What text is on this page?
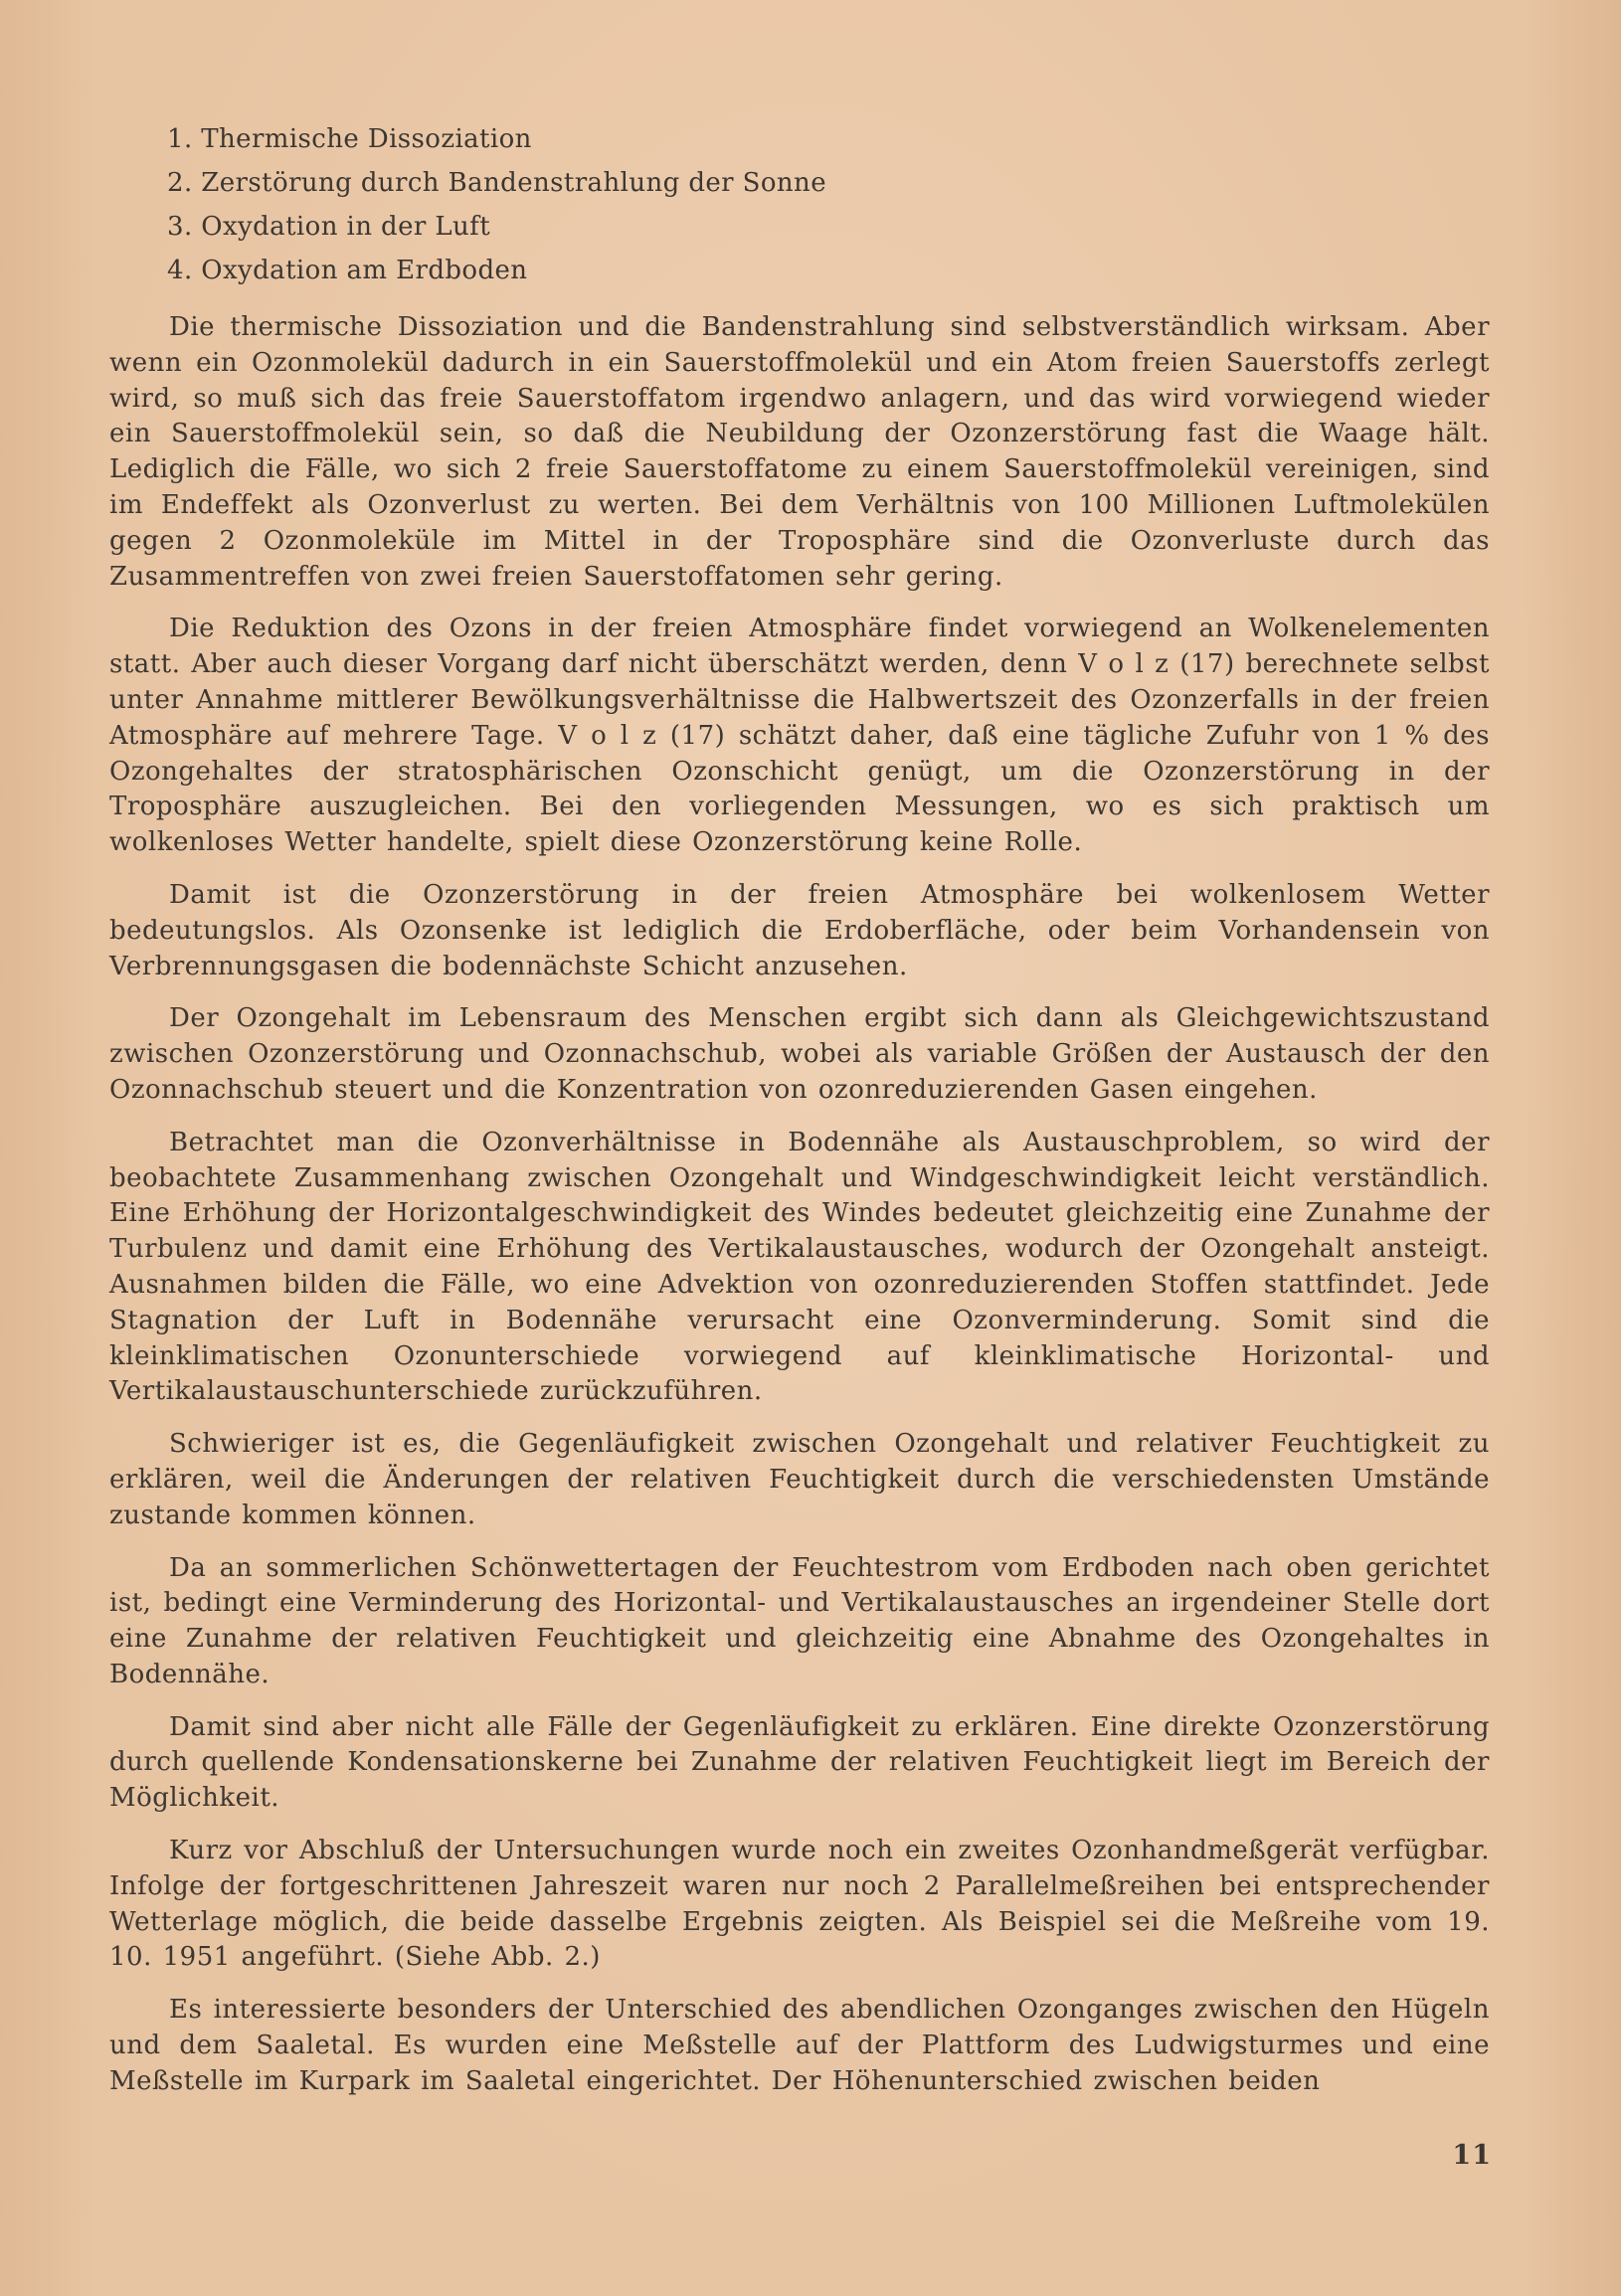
1. Thermische Dissoziation
2. Zerstörung durch Bandenstrahlung der Sonne
3. Oxydation in der Luft
4. Oxydation am Erdboden

Die thermische Dissoziation und die Bandenstrahlung sind selbstverständlich wirksam. Aber wenn ein Ozonmolekül dadurch in ein Sauerstoffmolekül und ein Atom freien Sauerstoffs zerlegt wird, so muß sich das freie Sauerstoffatom irgendwo anlagern, und das wird vorwiegend wieder ein Sauerstoffmolekül sein, so daß die Neubildung der Ozonzerstörung fast die Waage hält. Lediglich die Fälle, wo sich 2 freie Sauerstoffatome zu einem Sauerstoffmolekül vereinigen, sind im Endeffekt als Ozonverlust zu werten. Bei dem Verhältnis von 100 Millionen Luftmolekülen gegen 2 Ozonmoleküle im Mittel in der Troposphäre sind die Ozonverluste durch das Zusammentreffen von zwei freien Sauerstoffatomen sehr gering.

Die Reduktion des Ozons in der freien Atmosphäre findet vorwiegend an Wolkenelementen statt. Aber auch dieser Vorgang darf nicht überschätzt werden, denn V o l z (17) berechnete selbst unter Annahme mittlerer Bewölkungsverhältnisse die Halbwertszeit des Ozonzerfalls in der freien Atmosphäre auf mehrere Tage. V o l z (17) schätzt daher, daß eine tägliche Zufuhr von 1 % des Ozongehaltes der stratosphärischen Ozonschicht genügt, um die Ozonzerstörung in der Troposphäre auszugleichen. Bei den vorliegenden Messungen, wo es sich praktisch um wolkenloses Wetter handelte, spielt diese Ozonzerstörung keine Rolle.

Damit ist die Ozonzerstörung in der freien Atmosphäre bei wolkenlosem Wetter bedeutungslos. Als Ozonsenke ist lediglich die Erdoberfläche, oder beim Vorhandensein von Verbrennungsgasen die bodennächste Schicht anzusehen.

Der Ozongehalt im Lebensraum des Menschen ergibt sich dann als Gleichgewichtszustand zwischen Ozonzerstörung und Ozonnachschub, wobei als variable Größen der Austausch der den Ozonnachschub steuert und die Konzentration von ozonreduzierenden Gasen eingehen.

Betrachtet man die Ozonverhältnisse in Bodennähe als Austauschproblem, so wird der beobachtete Zusammenhang zwischen Ozongehalt und Windgeschwindigkeit leicht verständlich. Eine Erhöhung der Horizontalgeschwindigkeit des Windes bedeutet gleichzeitig eine Zunahme der Turbulenz und damit eine Erhöhung des Vertikalaustausches, wodurch der Ozongehalt ansteigt. Ausnahmen bilden die Fälle, wo eine Advektion von ozonreduzierenden Stoffen stattfindet. Jede Stagnation der Luft in Bodennähe verursacht eine Ozonverminderung. Somit sind die kleinklimatischen Ozonunterschiede vorwiegend auf kleinklimatische Horizontal- und Vertikalaustauschunterschiede zurückzuführen.

Schwieriger ist es, die Gegenläufigkeit zwischen Ozongehalt und relativer Feuchtigkeit zu erklären, weil die Änderungen der relativen Feuchtigkeit durch die verschiedensten Umstände zustande kommen können.

Da an sommerlichen Schönwettertagen der Feuchtestrom vom Erdboden nach oben gerichtet ist, bedingt eine Verminderung des Horizontal- und Vertikalaustausches an irgendeiner Stelle dort eine Zunahme der relativen Feuchtigkeit und gleichzeitig eine Abnahme des Ozongehaltes in Bodennähe.

Damit sind aber nicht alle Fälle der Gegenläufigkeit zu erklären. Eine direkte Ozonzerstörung durch quellende Kondensationskerne bei Zunahme der relativen Feuchtigkeit liegt im Bereich der Möglichkeit.

Kurz vor Abschluß der Untersuchungen wurde noch ein zweites Ozonhandmeßgerät verfügbar. Infolge der fortgeschrittenen Jahreszeit waren nur noch 2 Parallelmeßreihen bei entsprechender Wetterlage möglich, die beide dasselbe Ergebnis zeigten. Als Beispiel sei die Meßreihe vom 19. 10. 1951 angeführt. (Siehe Abb. 2.)

Es interessierte besonders der Unterschied des abendlichen Ozonganges zwischen den Hügeln und dem Saaletal. Es wurden eine Meßstelle auf der Plattform des Ludwigsturmes und eine Meßstelle im Kurpark im Saaletal eingerichtet. Der Höhenunterschied zwischen beiden

11
